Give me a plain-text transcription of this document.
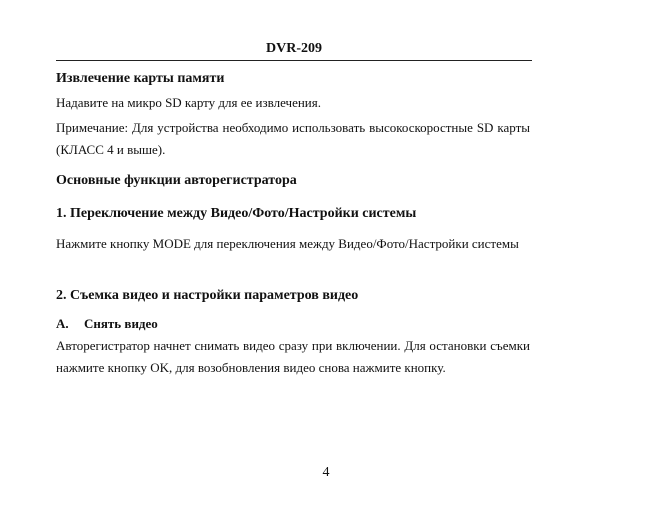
DVR-209
Извлечение карты памяти
Надавите на микро SD карту для ее извлечения.
Примечание: Для устройства необходимо использовать высокоскоростные SD карты (КЛАСС 4 и выше).
Основные функции авторегистратора
1. Переключение между Видео/Фото/Настройки системы
Нажмите кнопку MODE для переключения между Видео/Фото/Настройки системы
2. Съемка видео и настройки параметров видео
A. Снять видео
Авторегистратор начнет снимать видео сразу при включении. Для остановки съемки нажмите кнопку OK, для возобновления видео снова нажмите кнопку.
4
